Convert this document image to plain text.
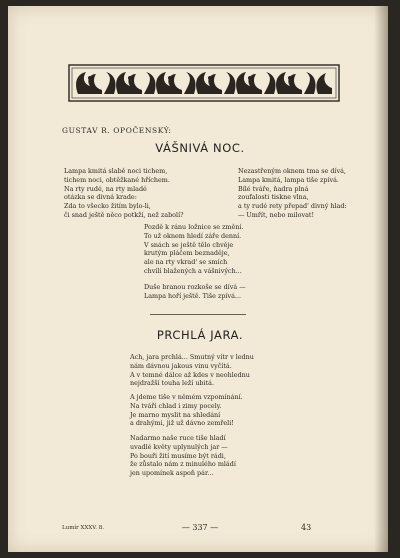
GUSTAV R. OPOČENSKÝ:
VÁŠNIVÁ NOC.
Lampa kmitá slabě noci tichem,
tichem noci, obtěžkané hříchem.
Na rty rudé, na rty mladé
otázka se divná krade:
Zda to všecko žitím bylo-li,
či snad ještě něco potkží, než zabolí?
Nezastřeným oknem tma se dívá,
Lampa kmitá, lampa tiše zpívá.
Bílé tváře, ňadra plná
zoufalosti tiskne vlna,
a ty rudé rety přepad' divný hlad:
— Umřít, nebo milovat!
Pozdě k ránu ložnice se změní.
To už oknem hledí záře denní.
V snách se ještě tělo chvěje
krutým pláčem beznaděje,
ale na rty vkrad' se smích
chvílí blažených a vášnivých...
Duše branou rozkoše se dívá —
Lampa hoří ještě. Tiše zpívá...
PRCHLÁ JARA.
Ach, jara prchlá... Smutný vítr v lednu
nám dávnou jakous vinu vyčítá.
A v temné dálce až kdes v neohlednu
nejdražší touha leží ubitá.
A jdeme tiše v němém vzpomínání.
Na tváři chlad i zimy pocely.
Je marno myslit na shledání
a drahými, již už dávno zemřeli!
Nadarmo naše ruce tiše hladí
uvadlé květy uplynulých jar —
Po bouři žití musíme být rádi,
že zůstalo nám z minulého mládí
jen upomínek aspoň pár...
Lumír XXXV. 8.	— 337 —	43
